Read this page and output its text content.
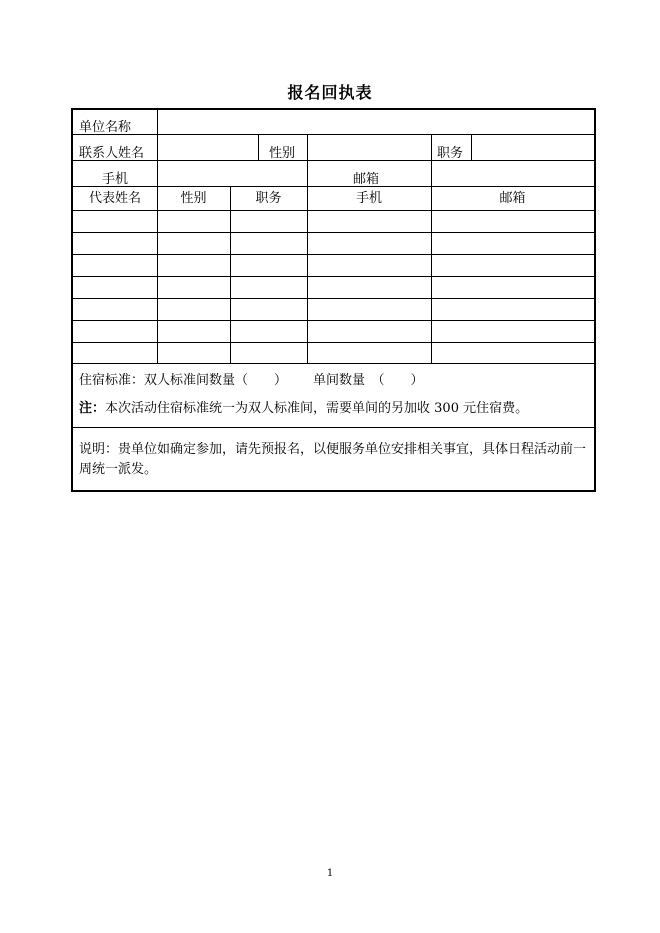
报名回执表
单位名称
联系人姓名	性别	职务
手机	邮箱
代表姓名	性别	职务	手机	邮箱
住宿标准：双人标准间数量（　　） 单间数量　（　　）
注：本次活动住宿标准统一为双人标准间，需要单间的另加收 300 元住宿费。
说明：贵单位如确定参加，请先预报名，以便服务单位安排相关事宜，具体日程活动前一周统一派发。
1
